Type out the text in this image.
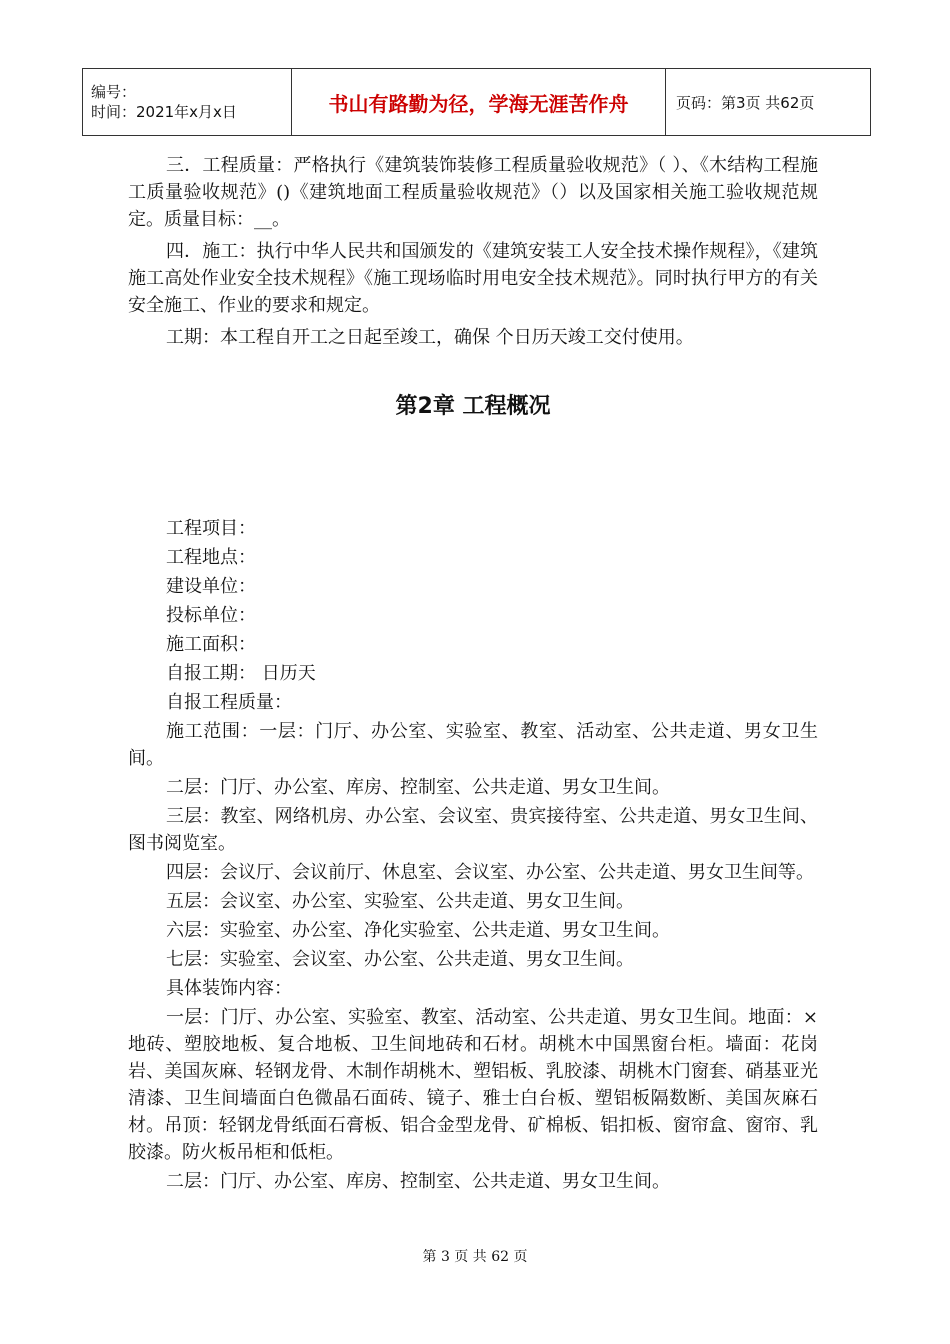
编号：
时间：2021年x月x日	书山有路勤为径，学海无涯苦作舟	页码：第3页 共62页

三．工程质量：严格执行《建筑装饰装修工程质量验收规范》（ ）、《木结构工程施工质量验收规范》()《建筑地面工程质量验收规范》（）以及国家相关施工验收规范规定。质量目标：__。

四．施工：执行中华人民共和国颁发的《建筑安装工人安全技术操作规程》，《建筑施工高处作业安全技术规程》《施工现场临时用电安全技术规范》。同时执行甲方的有关安全施工、作业的要求和规定。

工期：本工程自开工之日起至竣工，确保 个日历天竣工交付使用。

第2章 工程概况

工程项目：

工程地点：

建设单位：

投标单位：

施工面积：

自报工期： 日历天

自报工程质量：

施工范围：一层：门厅、办公室、实验室、教室、活动室、公共走道、男女卫生间。

二层：门厅、办公室、库房、控制室、公共走道、男女卫生间。

三层：教室、网络机房、办公室、会议室、贵宾接待室、公共走道、男女卫生间、图书阅览室。

四层：会议厅、会议前厅、休息室、会议室、办公室、公共走道、男女卫生间等。

五层：会议室、办公室、实验室、公共走道、男女卫生间。

六层：实验室、办公室、净化实验室、公共走道、男女卫生间。

七层：实验室、会议室、办公室、公共走道、男女卫生间。

具体装饰内容：

一层：门厅、办公室、实验室、教室、活动室、公共走道、男女卫生间。地面：×地砖、塑胶地板、复合地板、卫生间地砖和石材。胡桃木中国黑窗台柜。墙面：花岗岩、美国灰麻、轻钢龙骨、木制作胡桃木、塑铝板、乳胶漆、胡桃木门窗套、硝基亚光清漆、卫生间墙面白色微晶石面砖、镜子、雅士白台板、塑铝板隔数断、美国灰麻石材。吊顶：轻钢龙骨纸面石膏板、铝合金型龙骨、矿棉板、铝扣板、窗帘盒、窗帘、乳胶漆。防火板吊柜和低柜。

二层：门厅、办公室、库房、控制室、公共走道、男女卫生间。

第 3 页 共 62 页
